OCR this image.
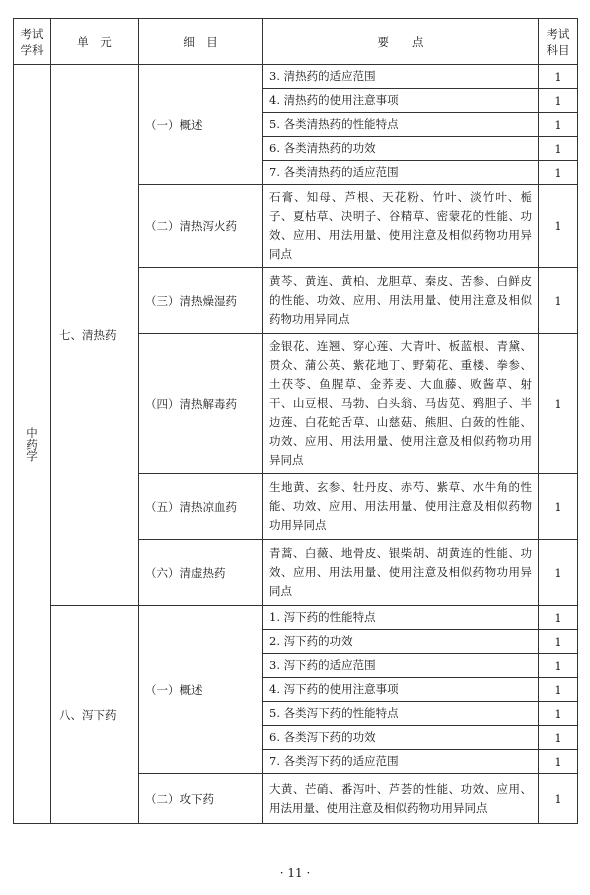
考试学科	单　元	细　目	要　　点	考试科目
中药学	七、清热药	（一）概述	3. 清热药的适应范围	1
			4. 清热药的使用注意事项	1
			5. 各类清热药的性能特点	1
			6. 各类清热药的功效	1
			7. 各类清热药的适应范围	1
		（二）清热泻火药	石膏、知母、芦根、天花粉、竹叶、淡竹叶、栀子、夏枯草、决明子、谷精草、密蒙花的性能、功效、应用、用法用量、使用注意及相似药物功用异同点	1
		（三）清热燥湿药	黄芩、黄连、黄柏、龙胆草、秦皮、苦参、白鲜皮的性能、功效、应用、用法用量、使用注意及相似药物功用异同点	1
		（四）清热解毒药	金银花、连翘、穿心莲、大青叶、板蓝根、青黛、贯众、蒲公英、紫花地丁、野菊花、重楼、拳参、土茯苓、鱼腥草、金荞麦、大血藤、败酱草、射干、山豆根、马勃、白头翁、马齿苋、鸦胆子、半边莲、白花蛇舌草、山慈菇、熊胆、白蔹的性能、功效、应用、用法用量、使用注意及相似药物功用异同点	1
		（五）清热凉血药	生地黄、玄参、牡丹皮、赤芍、紫草、水牛角的性能、功效、应用、用法用量、使用注意及相似药物功用异同点	1
		（六）清虚热药	青蒿、白薇、地骨皮、银柴胡、胡黄连的性能、功效、应用、用法用量、使用注意及相似药物功用异同点	1
	八、泻下药	（一）概述	1. 泻下药的性能特点	1
			2. 泻下药的功效	1
			3. 泻下药的适应范围	1
			4. 泻下药的使用注意事项	1
			5. 各类泻下药的性能特点	1
			6. 各类泻下药的功效	1
			7. 各类泻下药的适应范围	1
		（二）攻下药	大黄、芒硝、番泻叶、芦荟的性能、功效、应用、用法用量、使用注意及相似药物功用异同点	1
· 11 ·
